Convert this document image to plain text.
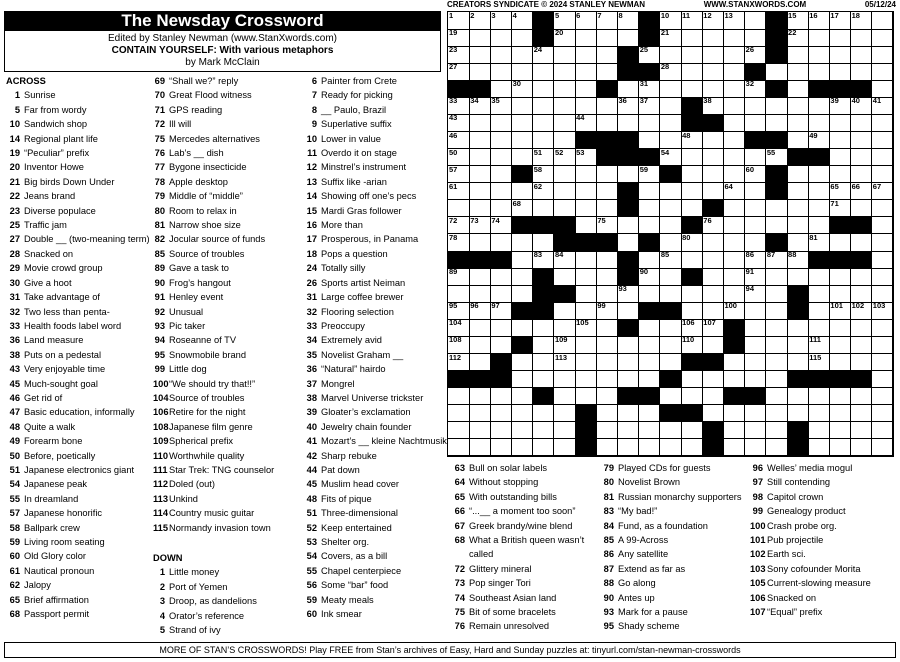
The Newsday Crossword
Edited by Stanley Newman (www.StanXwords.com)
CONTAIN YOURSELF: With various metaphors
by Mark McClain
CREATORS SYNDICATE © 2024 STANLEY NEWMAN	WWW.STANXWORDS.COM	05/12/24
1	2	3	4	5	6	7	8	10	11	12	13	15	16	17	18
19	20	21	22
23	24	25	26
27	28
30	31	32
33	34	35	36	37	38	39	40	41
43	44
46	48	49
50	51	52	53	54	55
57	58	59	60
61	62	64	65	66	67
68	71
72	73	74	75	76
78	80	81
83	84	85	86	87	88
89	90	91
93	94
95	96	97	99	100	101	102	103
104	105	106	107
108	109	110	111
112	113	115
ACROSS
1 Sunrise
5 Far from wordy
10 Sandwich shop
14 Regional plant life
19 “Peculiar” prefix
20 Inventor Howe
21 Big birds Down Under
22 Jeans brand
23 Diverse populace
25 Traffic jam
27 Double __ (two-meaning term)
28 Snacked on
29 Movie crowd group
30 Give a hoot
31 Take advantage of
32 Two less than penta-
33 Health foods label word
36 Land measure
38 Puts on a pedestal
43 Very enjoyable time
45 Much-sought goal
46 Get rid of
47 Basic education, informally
48 Quite a walk
49 Forearm bone
50 Before, poetically
51 Japanese electronics giant
54 Japanese peak
55 In dreamland
57 Japanese honorific
58 Ballpark crew
59 Living room seating
60 Old Glory color
61 Nautical pronoun
62 Jalopy
65 Brief affirmation
68 Passport permit
69 “Shall we?” reply
70 Great Flood witness
71 GPS reading
72 Ill will
75 Mercedes alternatives
76 Lab’s __ dish
77 Bygone insecticide
78 Apple desktop
79 Middle of “middle”
80 Room to relax in
81 Narrow shoe size
82 Jocular source of funds
85 Source of troubles
89 Gave a task to
90 Frog’s hangout
91 Henley event
92 Unusual
93 Pic taker
94 Roseanne of TV
95 Snowmobile brand
99 Little dog
100 “We should try that!!”
104 Source of troubles
106 Retire for the night
108 Japanese film genre
109 Spherical prefix
110 Worthwhile quality
111 Star Trek: TNG counselor
112 Doled (out)
113 Unkind
114 Country music guitar
115 Normandy invasion town
DOWN
1 Little money
2 Port of Yemen
3 Droop, as dandelions
4 Orator’s reference
5 Strand of ivy
6 Painter from Crete
7 Ready for picking
8 __ Paulo, Brazil
9 Superlative suffix
10 Lower in value
11 Overdo it on stage
12 Minstrel’s instrument
13 Suffix like -arian
14 Showing off one’s pecs
15 Mardi Gras follower
16 More than
17 Prosperous, in Panama
18 Pops a question
24 Totally silly
26 Sports artist Neiman
31 Large coffee brewer
32 Flooring selection
33 Preoccupy
34 Extremely avid
35 Novelist Graham __
36 “Natural” hairdo
37 Mongrel
38 Marvel Universe trickster
39 Gloater’s exclamation
40 Jewelry chain founder
41 Mozart’s __ kleine Nachtmusik
42 Sharp rebuke
44 Pat down
45 Muslim head cover
48 Fits of pique
51 Three-dimensional
52 Keep entertained
53 Shelter org.
54 Covers, as a bill
55 Chapel centerpiece
56 Some “bar” food
59 Meaty meals
60 Ink smear
63 Bull on solar labels
64 Without stopping
65 With outstanding bills
66 “...__ a moment too soon”
67 Greek brandy/wine blend
68 What a British queen wasn’t called
72 Glittery mineral
73 Pop singer Tori
74 Southeast Asian land
75 Bit of some bracelets
76 Remain unresolved
79 Played CDs for guests
80 Novelist Brown
81 Russian monarchy supporters
83 “My bad!”
84 Fund, as a foundation
85 A 99-Across
86 Any satellite
87 Extend as far as
88 Go along
90 Antes up
93 Mark for a pause
95 Shady scheme
96 Welles’ media mogul
97 Still contending
98 Capitol crown
99 Genealogy product
100 Crash probe org.
101 Pub projectile
102 Earth sci.
103 Sony cofounder Morita
105 Current-slowing measure
106 Snacked on
107 “Equal” prefix
MORE OF STAN’S CROSSWORDS! Play FREE from Stan’s archives of Easy, Hard and Sunday puzzles at: tinyurl.com/stan-newman-crosswords
